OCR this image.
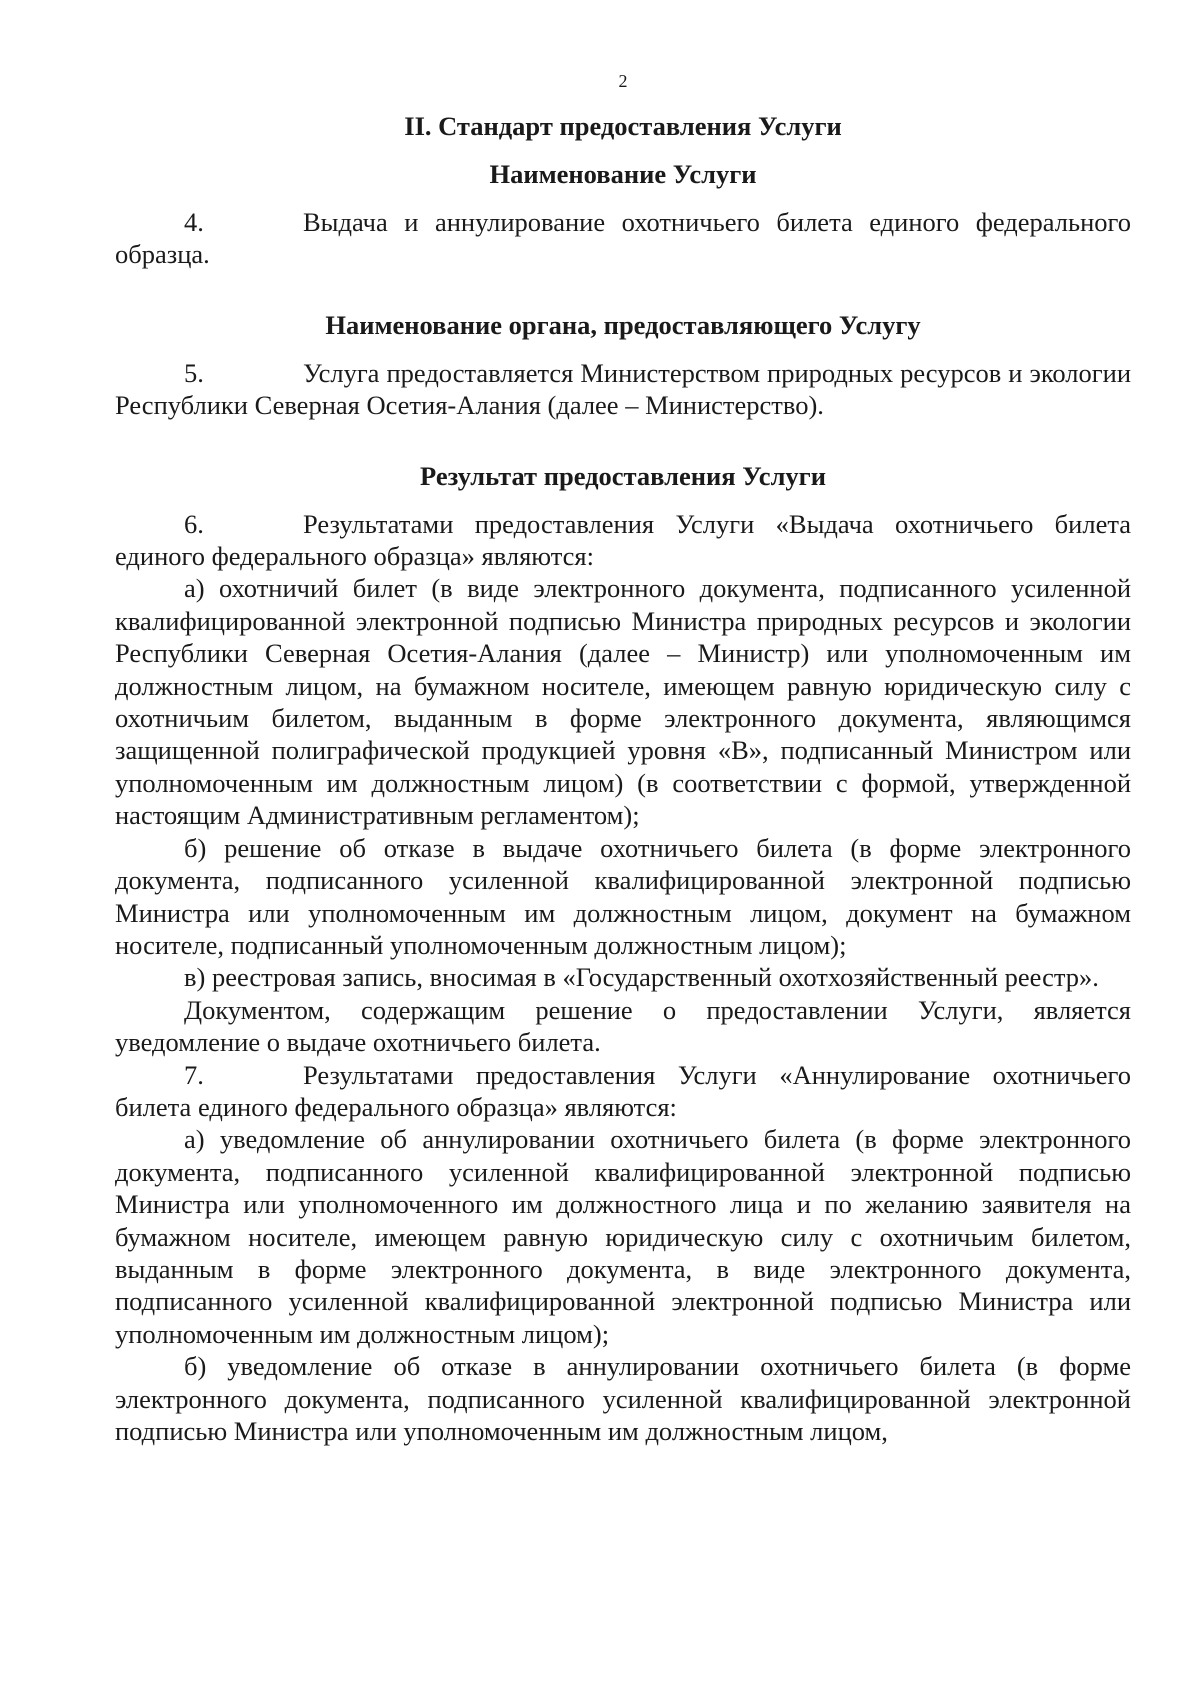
2
II. Стандарт предоставления Услуги
Наименование Услуги

4.	Выдача и аннулирование охотничьего билета единого федерального образца.

Наименование органа, предоставляющего Услугу

5.	Услуга предоставляется Министерством природных ресурсов и экологии Республики Северная Осетия-Алания (далее – Министерство).

Результат предоставления Услуги

6.	Результатами предоставления Услуги «Выдача охотничьего билета единого федерального образца» являются:

а) охотничий билет (в виде электронного документа, подписанного усиленной квалифицированной электронной подписью Министра природных ресурсов и экологии Республики Северная Осетия-Алания (далее – Министр) или уполномоченным им должностным лицом, на бумажном носителе, имеющем равную юридическую силу с охотничьим билетом, выданным в форме электронного документа, являющимся защищенной полиграфической продукцией уровня «В», подписанный Министром или уполномоченным им должностным лицом) (в соответствии с формой, утвержденной настоящим Административным регламентом);

б) решение об отказе в выдаче охотничьего билета (в форме электронного документа, подписанного усиленной квалифицированной электронной подписью Министра или уполномоченным им должностным лицом, документ на бумажном носителе, подписанный уполномоченным должностным лицом);

в) реестровая запись, вносимая в «Государственный охотхозяйственный реестр».

Документом, содержащим решение о предоставлении Услуги, является уведомление о выдаче охотничьего билета.

7.	Результатами предоставления Услуги «Аннулирование охотничьего билета единого федерального образца» являются:

а) уведомление об аннулировании охотничьего билета (в форме электронного документа, подписанного усиленной квалифицированной электронной подписью Министра или уполномоченного им должностного лица и по желанию заявителя на бумажном носителе, имеющем равную юридическую силу с охотничьим билетом, выданным в форме электронного документа, в виде электронного документа, подписанного усиленной квалифицированной электронной подписью Министра или уполномоченным им должностным лицом);

б) уведомление об отказе в аннулировании охотничьего билета (в форме электронного документа, подписанного усиленной квалифицированной электронной подписью Министра или уполномоченным им должностным лицом,
